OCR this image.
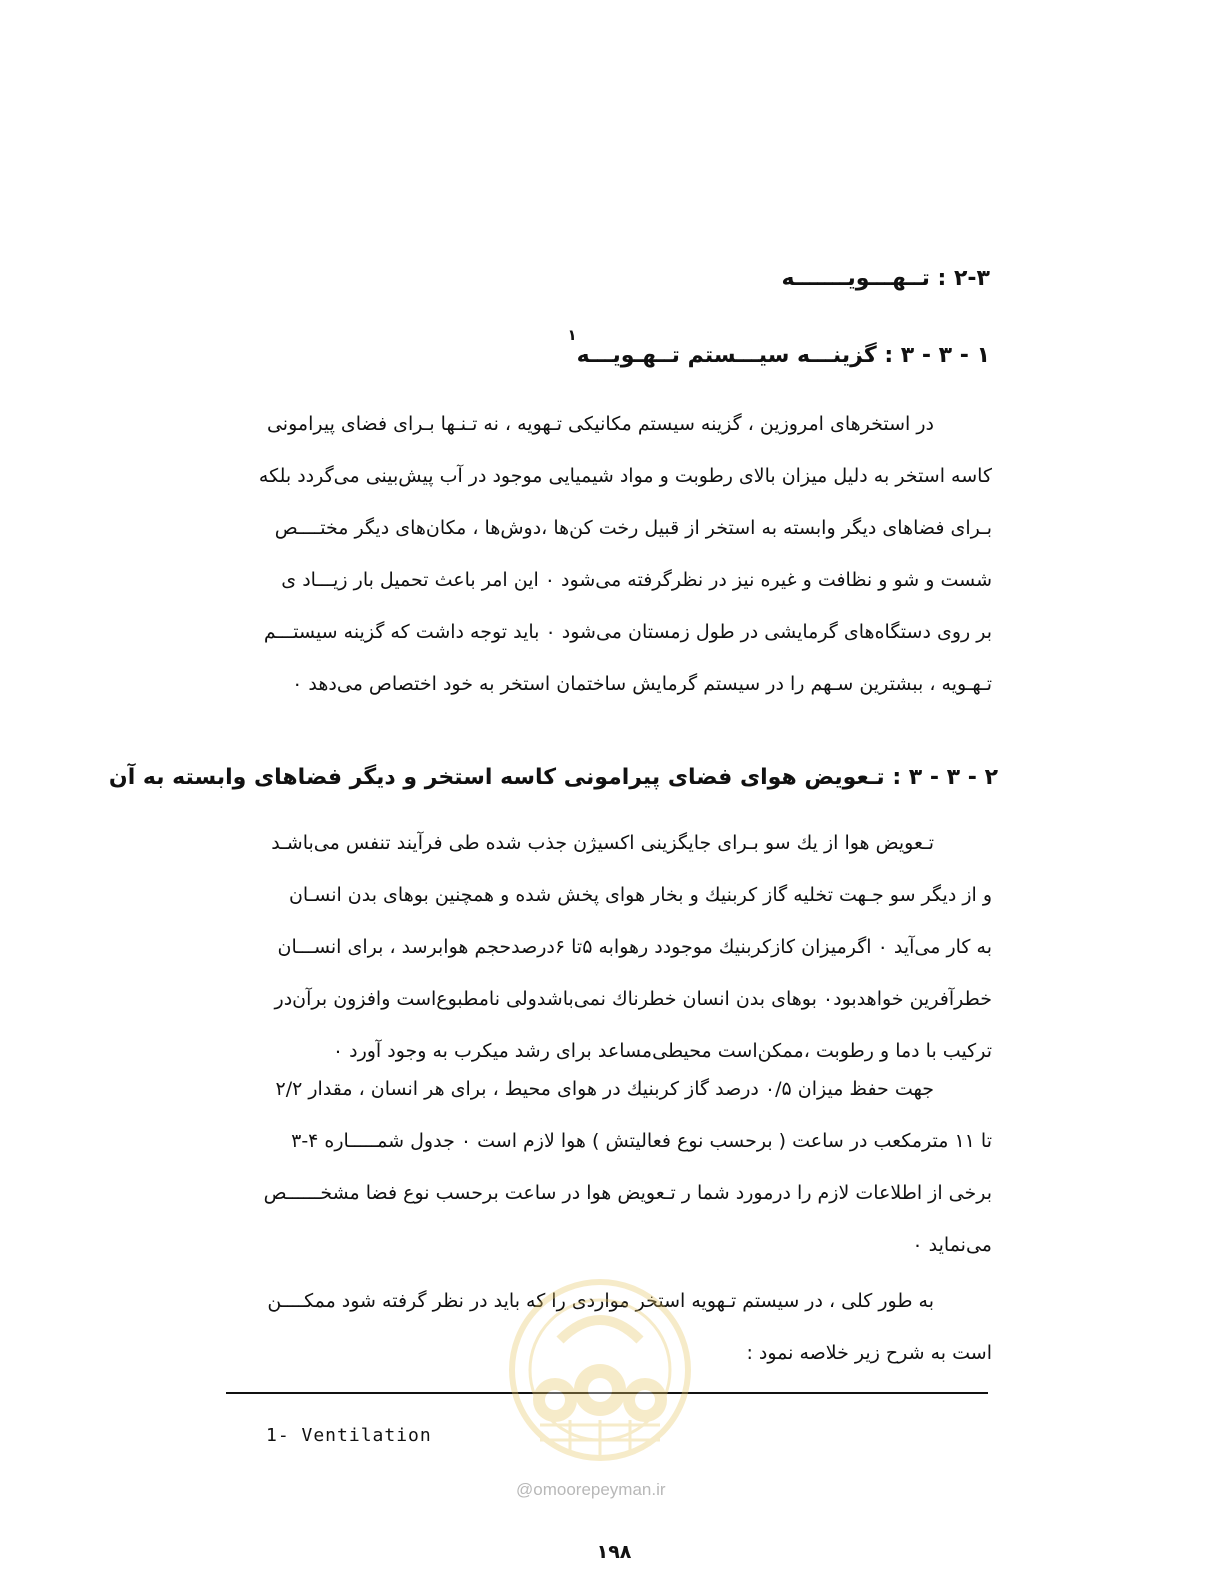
۲-۳ : تــهـــویـــــــه
۱ - ۳ - ۳ : گزینـــه سیـــستم تــهـویـــه$^۱$
در استخرهای امروزین ، گزینه سیستم مکانیکی تـهویه ، نه تـنـها بـرای فضای پیرامونی
کاسه استخر به دلیل میزان بالای رطوبت و مواد شیمیایی موجود در آب پیش‌بینی می‌گردد بلکه
بـرای فضاهای دیگر وابسته به استخر از قبیل رخت کن‌ها ،دوش‌ها ، مکان‌های دیگر مختــــص
شست و شو و نظافت و غیره نیز در نظرگرفته می‌شود ۰ این امر باعث تحمیل بار زیـــاد ی
بر روی دستگاه‌های گرمایشی در طول زمستان می‌شود ۰ باید توجه داشت که گزینه سیستـــم
تـهـویه ، ببشترین سـهم را در سیستم گرمایش ساختمان استخر به خود اختصاص می‌دهد ۰
۲ - ۳ - ۳ : تـعویض هوای فضای پیرامونی کاسه استخر و دیگر فضاهای وابسته به آن
تـعویض هوا از یك سو بـرای جایگزینی اکسیژن جذب شده طی فرآیند تنفس می‌باشـد
و از دیگر سو جـهت تخلیه گاز کربنیك و بخار هوای پخش شده و همچنین بوهای بدن انسـان
به کار می‌آید ۰ اگرمیزان کازکربنیك موجودد رهوابه ۵تا ۶درصدحجم هوابرسد ، برای انســـان
خطرآفرین خواهدبود۰ بوهای بدن انسان خطرناك نمی‌باشدولی نامطبوع‌است وافزون برآن‌در
ترکیب با دما و رطوبت ،ممکن‌است محیطی‌مساعد برای رشد میکرب به وجود آورد ۰
جهت حفظ میزان ۰/۵ درصد گاز کربنیك در هوای محیط ، برای هر انسان ، مقدار ۲/۲
تا ۱۱ مترمکعب در ساعت ( برحسب نوع فعالیتش ) هوا لازم است ۰ جدول شمـــــاره ۴-۳
برخی از اطلاعات لازم را درمورد شما ر تـعویض هوا در ساعت برحسب نوع فضا مشخــــــص
می‌نماید ۰
به طور کلی ، در سیستم تـهویه استخر مواردی را که باید در نظر گرفته شود ممکــــن
است به شرح زیر خلاصه نمود :
1- Ventilation
@omoorepeyman.ir
۱۹۸
